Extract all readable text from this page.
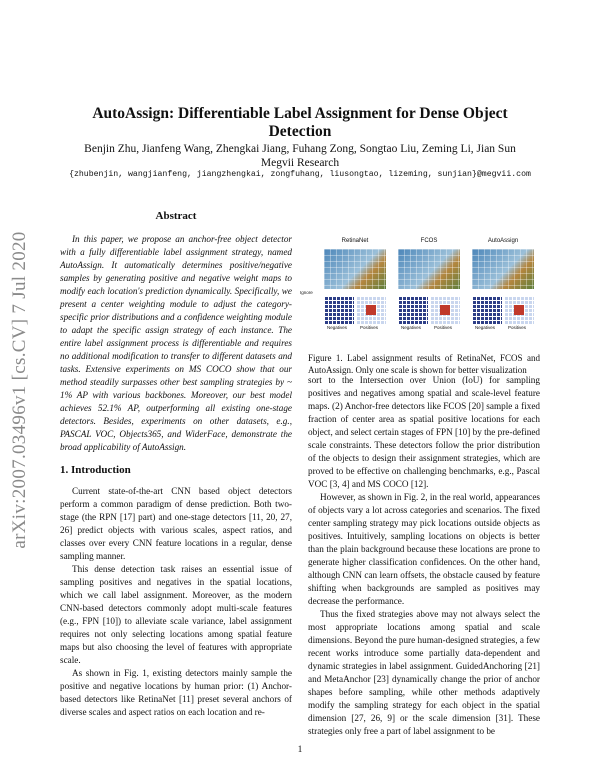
arXiv:2007.03496v1 [cs.CV] 7 Jul 2020
AutoAssign: Differentiable Label Assignment for Dense Object Detection
Benjin Zhu, Jianfeng Wang, Zhengkai Jiang, Fuhang Zong, Songtao Liu, Zeming Li, Jian Sun
Megvii Research
{zhubenjin, wangjianfeng, jiangzhengkai, zongfuhang, liusongtao, lizeming, sunjian}@megvii.com
Abstract

In this paper, we propose an anchor-free object detector with a fully differentiable label assignment strategy, named AutoAssign. It automatically determines positive/negative samples by generating positive and negative weight maps to modify each location's prediction dynamically. Specifically, we present a center weighting module to adjust the category-specific prior distributions and a confidence weighting module to adapt the specific assign strategy of each instance. The entire label assignment process is differentiable and requires no additional modification to transfer to different datasets and tasks. Extensive experiments on MS COCO show that our method steadily surpasses other best sampling strategies by ~ 1% AP with various backbones. Moreover, our best model achieves 52.1% AP, outperforming all existing one-stage detectors. Besides, experiments on other datasets, e.g., PASCAL VOC, Objects365, and WiderFace, demonstrate the broad applicability of AutoAssign.

1. Introduction

Current state-of-the-art CNN based object detectors perform a common paradigm of dense prediction. Both two-stage (the RPN [17] part) and one-stage detectors [11, 20, 27, 26] predict objects with various scales, aspect ratios, and classes over every CNN feature locations in a regular, dense sampling manner.

This dense detection task raises an essential issue of sampling positives and negatives in the spatial locations, which we call label assignment. Moreover, as the modern CNN-based detectors commonly adopt multi-scale features (e.g., FPN [10]) to alleviate scale variance, label assignment requires not only selecting locations among spatial feature maps but also choosing the level of features with appropriate scale.

As shown in Fig. 1, existing detectors mainly sample the positive and negative locations by human prior: (1) Anchor-based detectors like RetinaNet [11] preset several anchors of diverse scales and aspect ratios on each location and re-

Ignore
RetinaNet
Negatives	Positives
FCOS
Negatives	Positives
AutoAssign
Negatives	Positives
Figure 1. Label assignment results of RetinaNet, FCOS and AutoAssign. Only one scale is shown for better visualization

sort to the Intersection over Union (IoU) for sampling positives and negatives among spatial and scale-level feature maps. (2) Anchor-free detectors like FCOS [20] sample a fixed fraction of center area as spatial positive locations for each object, and select certain stages of FPN [10] by the pre-defined scale constraints. These detectors follow the prior distribution of the objects to design their assignment strategies, which are proved to be effective on challenging benchmarks, e.g., Pascal VOC [3, 4] and MS COCO [12].

However, as shown in Fig. 2, in the real world, appearances of objects vary a lot across categories and scenarios. The fixed center sampling strategy may pick locations outside objects as positives. Intuitively, sampling locations on objects is better than the plain background because these locations are prone to generate higher classification confidences. On the other hand, although CNN can learn offsets, the obstacle caused by feature shifting when backgrounds are sampled as positives may decrease the performance.

Thus the fixed strategies above may not always select the most appropriate locations among spatial and scale dimensions. Beyond the pure human-designed strategies, a few recent works introduce some partially data-dependent and dynamic strategies in label assignment. GuidedAnchoring [21] and MetaAnchor [23] dynamically change the prior of anchor shapes before sampling, while other methods adaptively modify the sampling strategy for each object in the spatial dimension [27, 26, 9] or the scale dimension [31]. These strategies only free a part of label assignment to be

1
